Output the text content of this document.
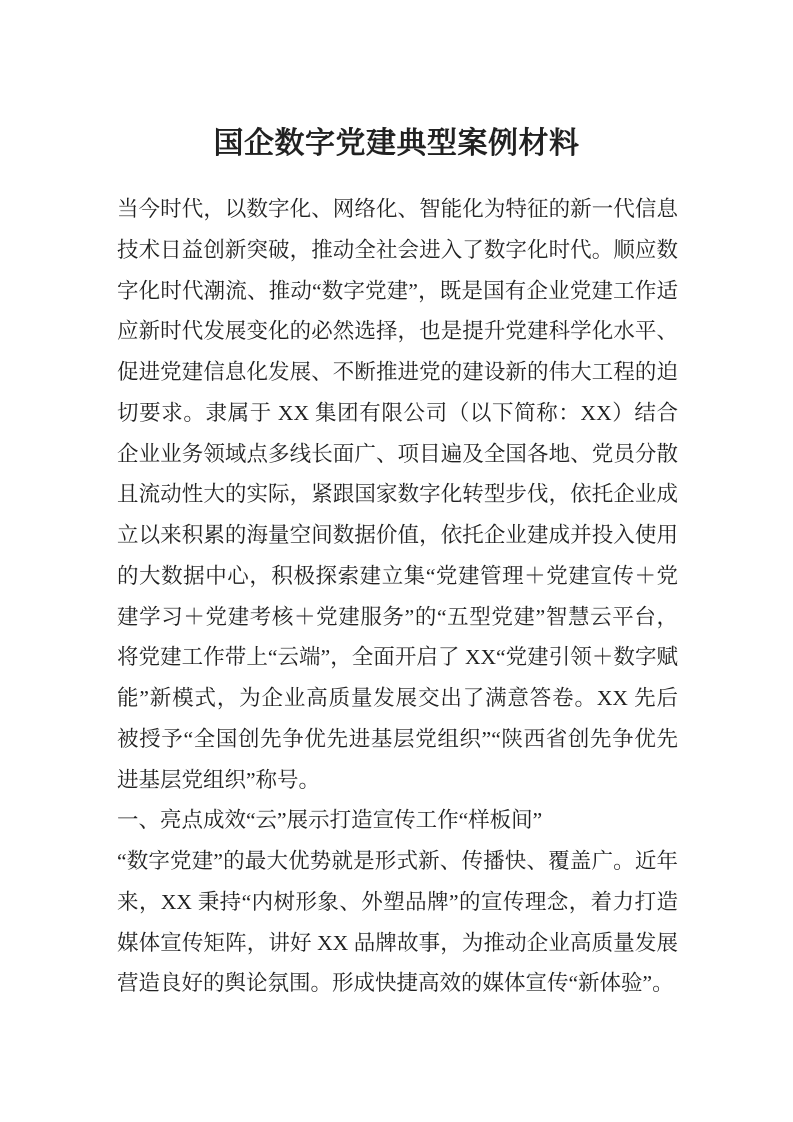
国企数字党建典型案例材料

当今时代，以数字化、网络化、智能化为特征的新一代信息技术日益创新突破，推动全社会进入了数字化时代。顺应数字化时代潮流、推动“数字党建”，既是国有企业党建工作适应新时代发展变化的必然选择，也是提升党建科学化水平、促进党建信息化发展、不断推进党的建设新的伟大工程的迫切要求。隶属于 XX 集团有限公司（以下简称：XX）结合企业业务领域点多线长面广、项目遍及全国各地、党员分散且流动性大的实际，紧跟国家数字化转型步伐，依托企业成立以来积累的海量空间数据价值，依托企业建成并投入使用的大数据中心，积极探索建立集“党建管理＋党建宣传＋党建学习＋党建考核＋党建服务”的“五型党建”智慧云平台，将党建工作带上“云端”，全面开启了 XX“党建引领＋数字赋能”新模式，为企业高质量发展交出了满意答卷。XX 先后被授予“全国创先争优先进基层党组织”“陕西省创先争优先进基层党组织”称号。

一、亮点成效“云”展示打造宣传工作“样板间”

“数字党建”的最大优势就是形式新、传播快、覆盖广。近年来，XX 秉持“内树形象、外塑品牌”的宣传理念，着力打造媒体宣传矩阵，讲好 XX 品牌故事，为推动企业高质量发展营造良好的舆论氛围。形成快捷高效的媒体宣传“新体验”。
